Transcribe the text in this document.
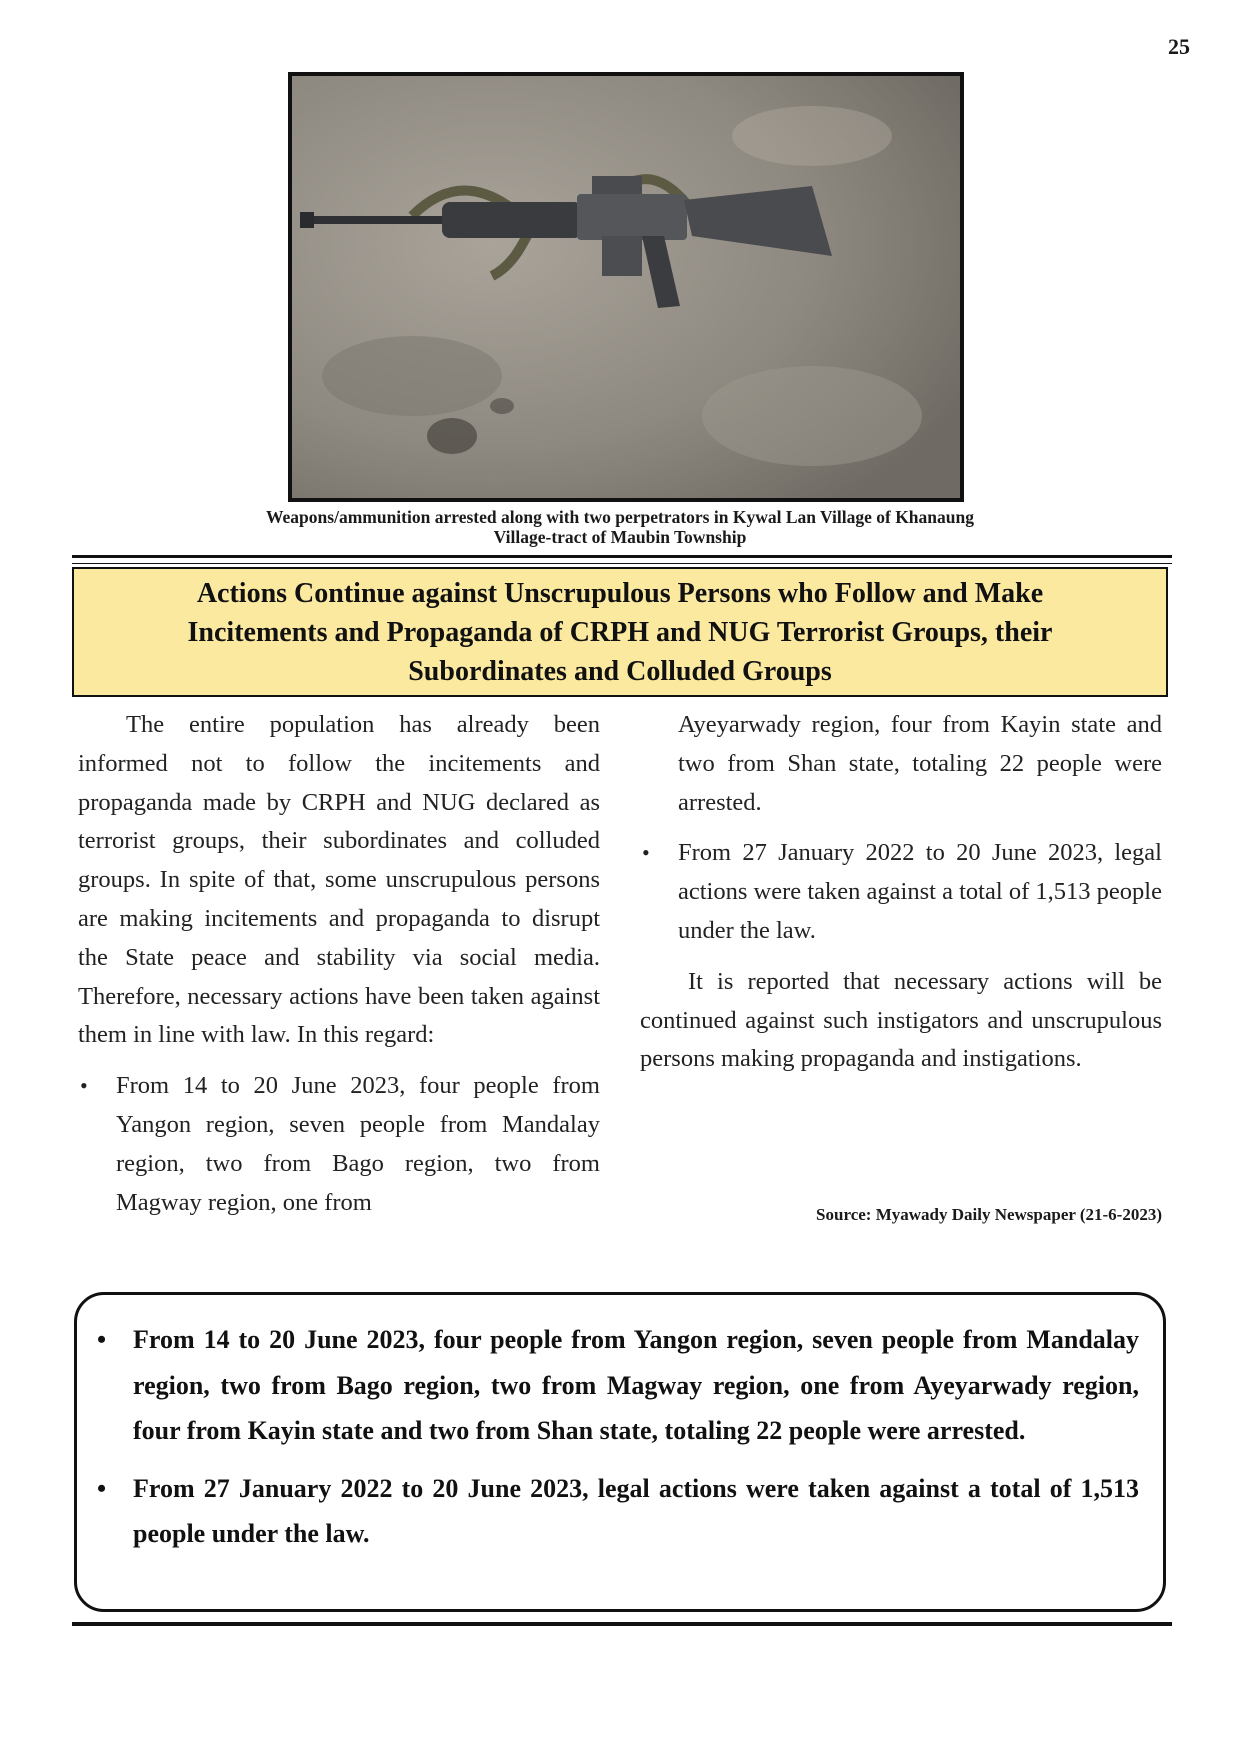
25
Weapons/ammunition arrested along with two perpetrators in Kywal Lan Village of Khanaung
Village-tract of Maubin Township
Actions Continue against Unscrupulous Persons who Follow and Make
Incitements and Propaganda of CRPH and NUG Terrorist Groups, their
Subordinates and Colluded Groups

The entire population has already been informed not to follow the incitements and propaganda made by CRPH and NUG declared as terrorist groups, their subordinates and colluded groups. In spite of that, some unscrupulous persons are making incitements and propaganda to disrupt the State peace and stability via social media. Therefore, necessary actions have been taken against them in line with law. In this regard:

• From 14 to 20 June 2023, four people from Yangon region, seven people from Mandalay region, two from Bago region, two from Magway region, one from
Ayeyarwady region, four from Kayin state and two from Shan state, totaling 22 people were arrested.
• From 27 January 2022 to 20 June 2023, legal actions were taken against a total of 1,513 people under the law.

It is reported that necessary actions will be continued against such instigators and unscrupulous persons making propaganda and instigations.

Source: Myawady Daily Newspaper (21-6-2023)
• From 14 to 20 June 2023, four people from Yangon region, seven people from Mandalay region, two from Bago region, two from Magway region, one from Ayeyarwady region, four from Kayin state and two from Shan state, totaling 22 people were arrested.
• From 27 January 2022 to 20 June 2023, legal actions were taken against a total of 1,513 people under the law.
